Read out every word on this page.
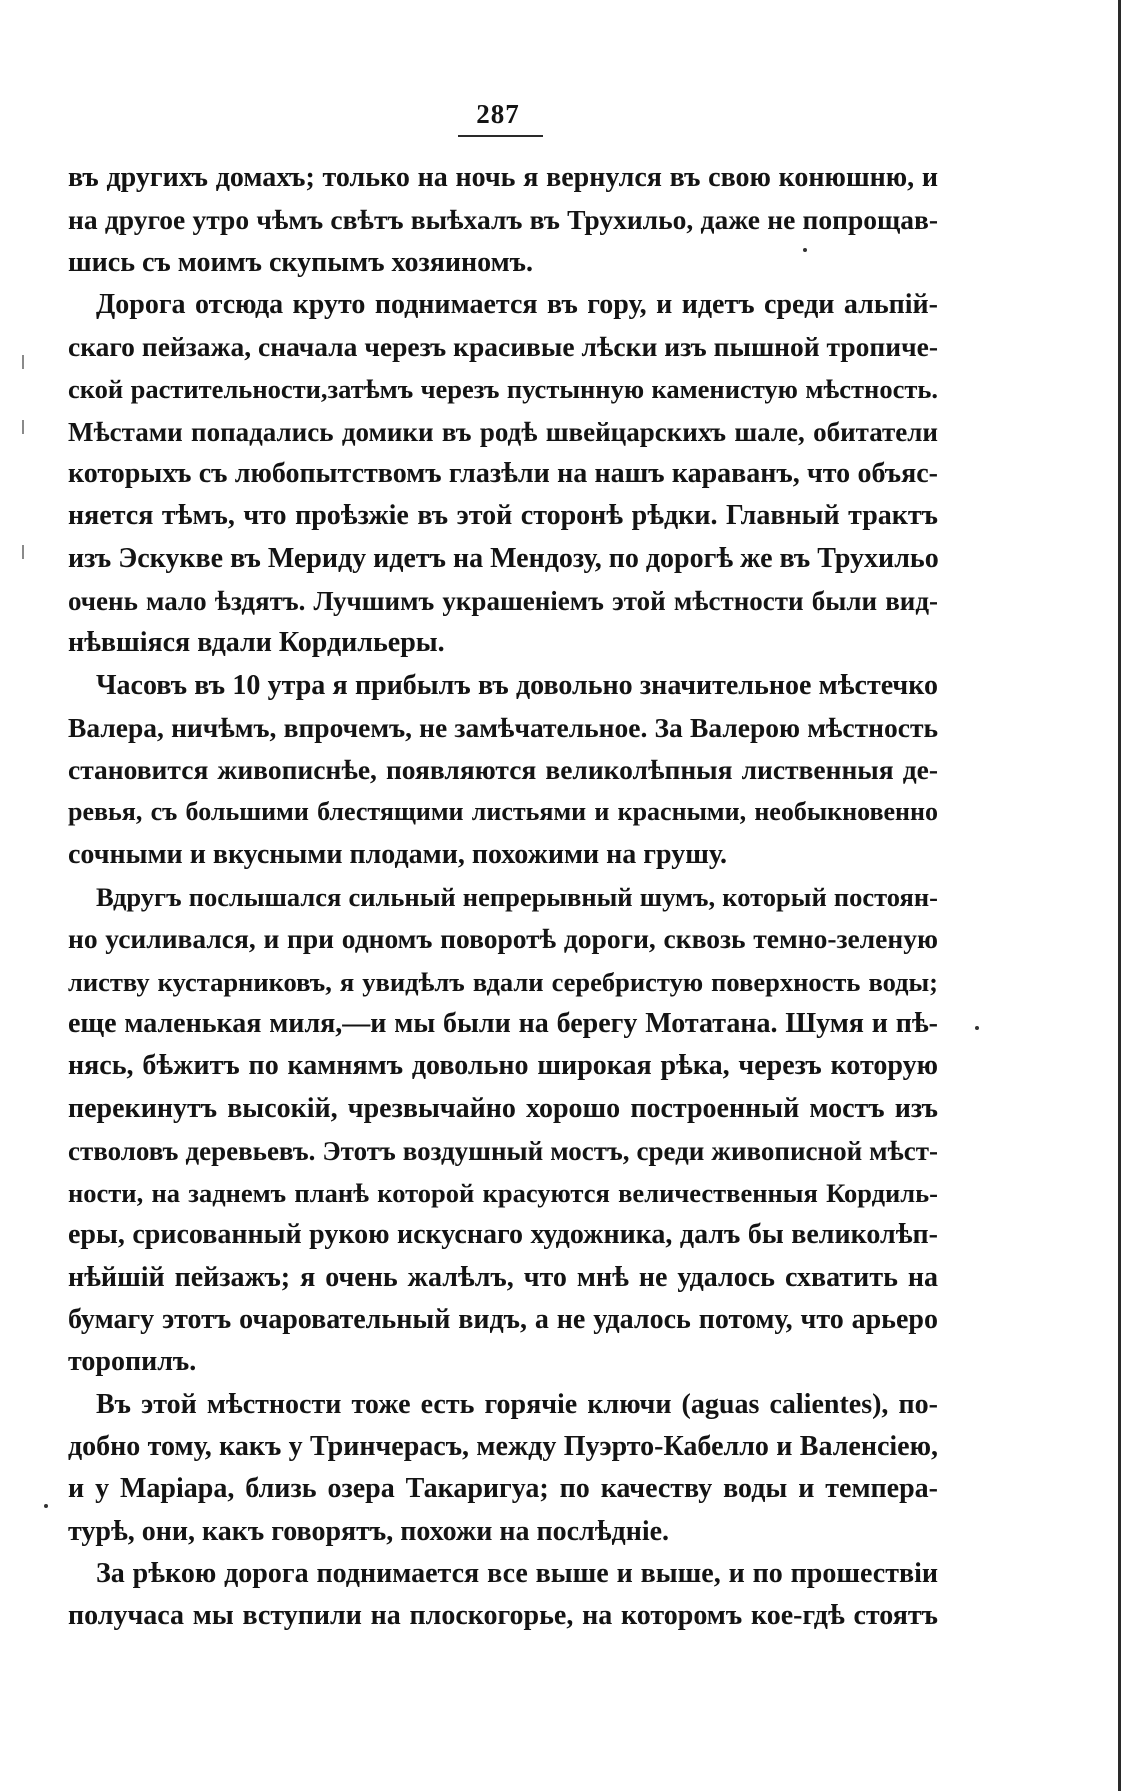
287
въ другихъ домахъ; только на ночь я вернулся въ свою конюшню, и
на другое утро чѣмъ свѣтъ выѣхалъ въ Трухильо, даже не попрощав-
шись съ моимъ скупымъ хозяиномъ.
Дорога отсюда круто поднимается въ гору, и идетъ среди альпій-
скаго пейзажа, сначала черезъ красивые лѣски изъ пышной тропиче-
ской растительности,затѣмъ черезъ пустынную каменистую мѣстность.
Мѣстами попадались домики въ родѣ швейцарскихъ шале, обитатели
которыхъ съ любопытствомъ глазѣли на нашъ караванъ, что объяс-
няется тѣмъ, что проѣзжіе въ этой сторонѣ рѣдки. Главный трактъ
изъ Эскуквe въ Мериду идетъ на Мендозу, по дорогѣ же въ Трухильо
очень мало ѣздятъ. Лучшимъ украшеніемъ этой мѣстности были вид-
нѣвшіяся вдали Кордильеры.
Часовъ въ 10 утра я прибылъ въ довольно значительное мѣстечко
Валера, ничѣмъ, впрочемъ, не замѣчательное. За Валерою мѣстность
становится живописнѣе, появляются великолѣпныя лиственныя де-
ревья, съ большими блестящими листьями и красными, необыкновенно
сочными и вкусными плодами, похожими на грушу.
Вдругъ послышался сильный непрерывный шумъ, который постоян-
но усиливался, и при одномъ поворотѣ дороги, сквозь темно-зеленую
листву кустарниковъ, я увидѣлъ вдали серебристую поверхность воды;
еще маленькая миля,—и мы были на берегу Мотатана. Шумя и пѣ-
нясь, бѣжитъ по камнямъ довольно широкая рѣка, черезъ которую
перекинутъ высокій, чрезвычайно хорошо построенный мостъ изъ
стволовъ деревьевъ. Этотъ воздушный мостъ, среди живописной мѣст-
ности, на заднемъ планѣ которой красуются величественныя Кордиль-
еры, срисованный рукою искуснаго художника, далъ бы великолѣп-
нѣйшій пейзажъ; я очень жалѣлъ, что мнѣ не удалось схватить на
бумагу этотъ очаровательный видъ, а не удалось потому, что арьеро
торопилъ.
Въ этой мѣстности тоже есть горячіе ключи (aguas calientes), по-
добно тому, какъ у Тринчерасъ, между Пуэрто-Кабелло и Валенсіею,
и у Маріара, близь озера Такаригуа; по качеству воды и темпера-
турѣ, они, какъ говорятъ, похожи на послѣдніе.
За рѣкою дорога поднимается все выше и выше, и по прошествіи
получаса мы вступили на плоскогорье, на которомъ кое-гдѣ стоятъ
